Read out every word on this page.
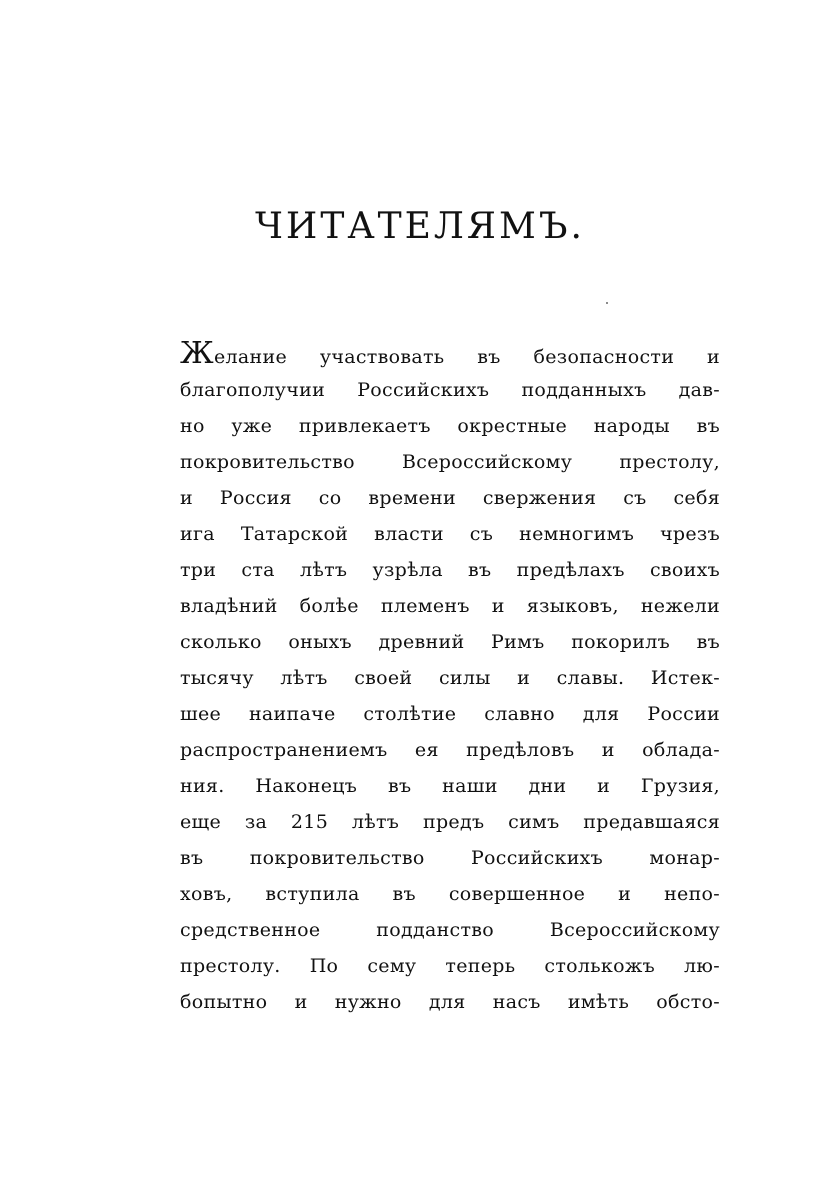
ЧИТАТЕЛЯМЪ.
Желание участвовать въ безопасности и
благополучии Российскихъ подданныхъ дав-
но уже привлекаетъ окрестные народы въ
покровительство Всероссийскому престолу,
и Россия со времени свержения съ себя
ига Татарской власти съ немногимъ чрезъ
три ста лѣтъ узрѣла въ предѣлахъ своихъ
владѣний болѣе племенъ и языковъ, нежели
сколько оныхъ древний Римъ покорилъ въ
тысячу лѣтъ своей силы и славы. Истек-
шее наипаче столѣтие славно для России
распространениемъ ея предѣловъ и облада-
ния. Наконецъ въ наши дни и Грузия,
еще за 215 лѣтъ предъ симъ предавшаяся
въ покровительство Российскихъ монар-
ховъ, вступила въ совершенное и непо-
средственное подданство Всероссийскому
престолу. По сему теперь столькожъ лю-
бопытно и нужно для насъ имѣть обсто-
